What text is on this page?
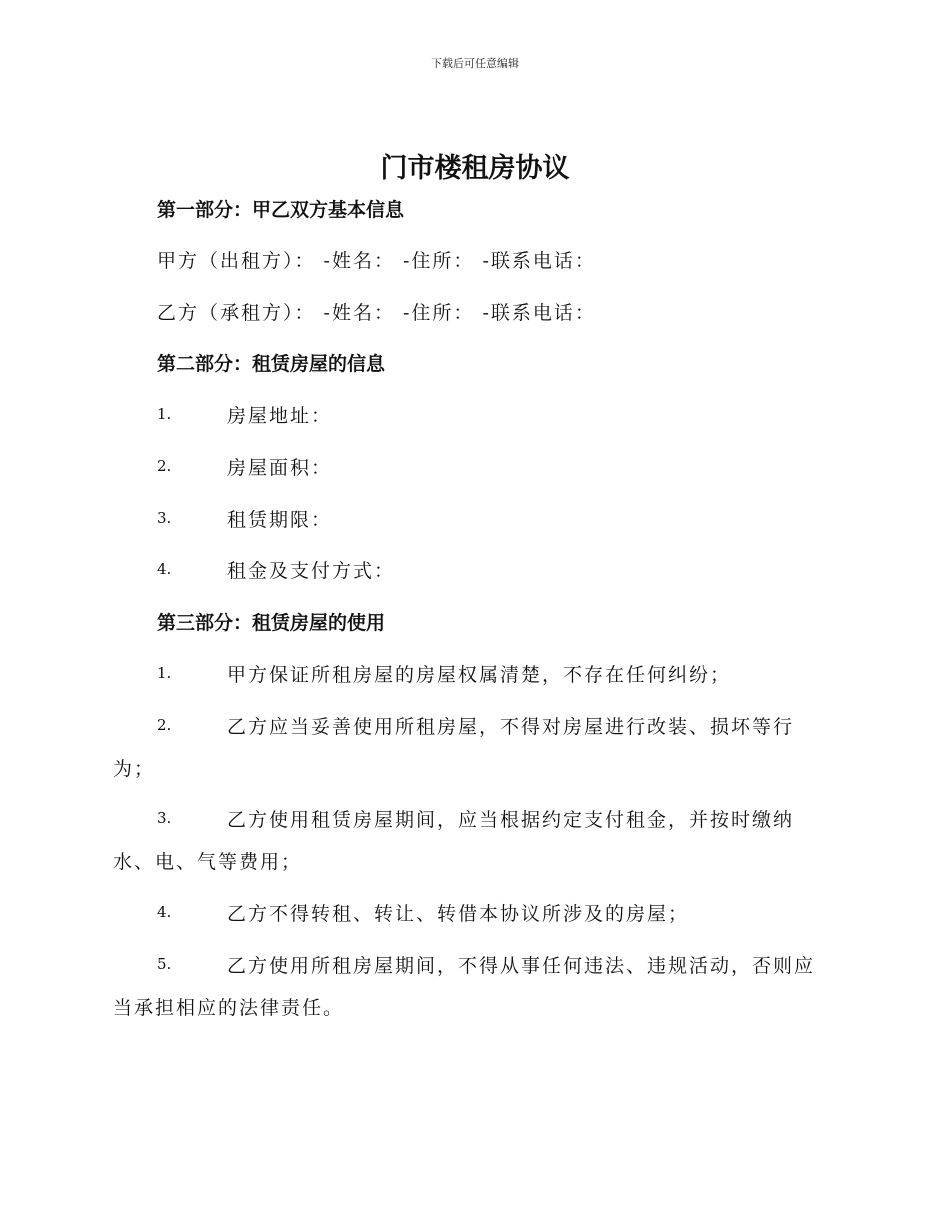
下载后可任意编辑
门市楼租房协议
第一部分：甲乙双方基本信息
甲方（出租方）： -姓名： -住所： -联系电话：
乙方（承租方）： -姓名： -住所： -联系电话：
第二部分：租赁房屋的信息
1.	房屋地址：
2.	房屋面积：
3.	租赁期限：
4.	租金及支付方式：
第三部分：租赁房屋的使用
1.	甲方保证所租房屋的房屋权属清楚，不存在任何纠纷；
2.	乙方应当妥善使用所租房屋，不得对房屋进行改装、损坏等行
为；
3.	乙方使用租赁房屋期间，应当根据约定支付租金，并按时缴纳
水、电、气等费用；
4.	乙方不得转租、转让、转借本协议所涉及的房屋；
5.	乙方使用所租房屋期间，不得从事任何违法、违规活动，否则应
当承担相应的法律责任。
